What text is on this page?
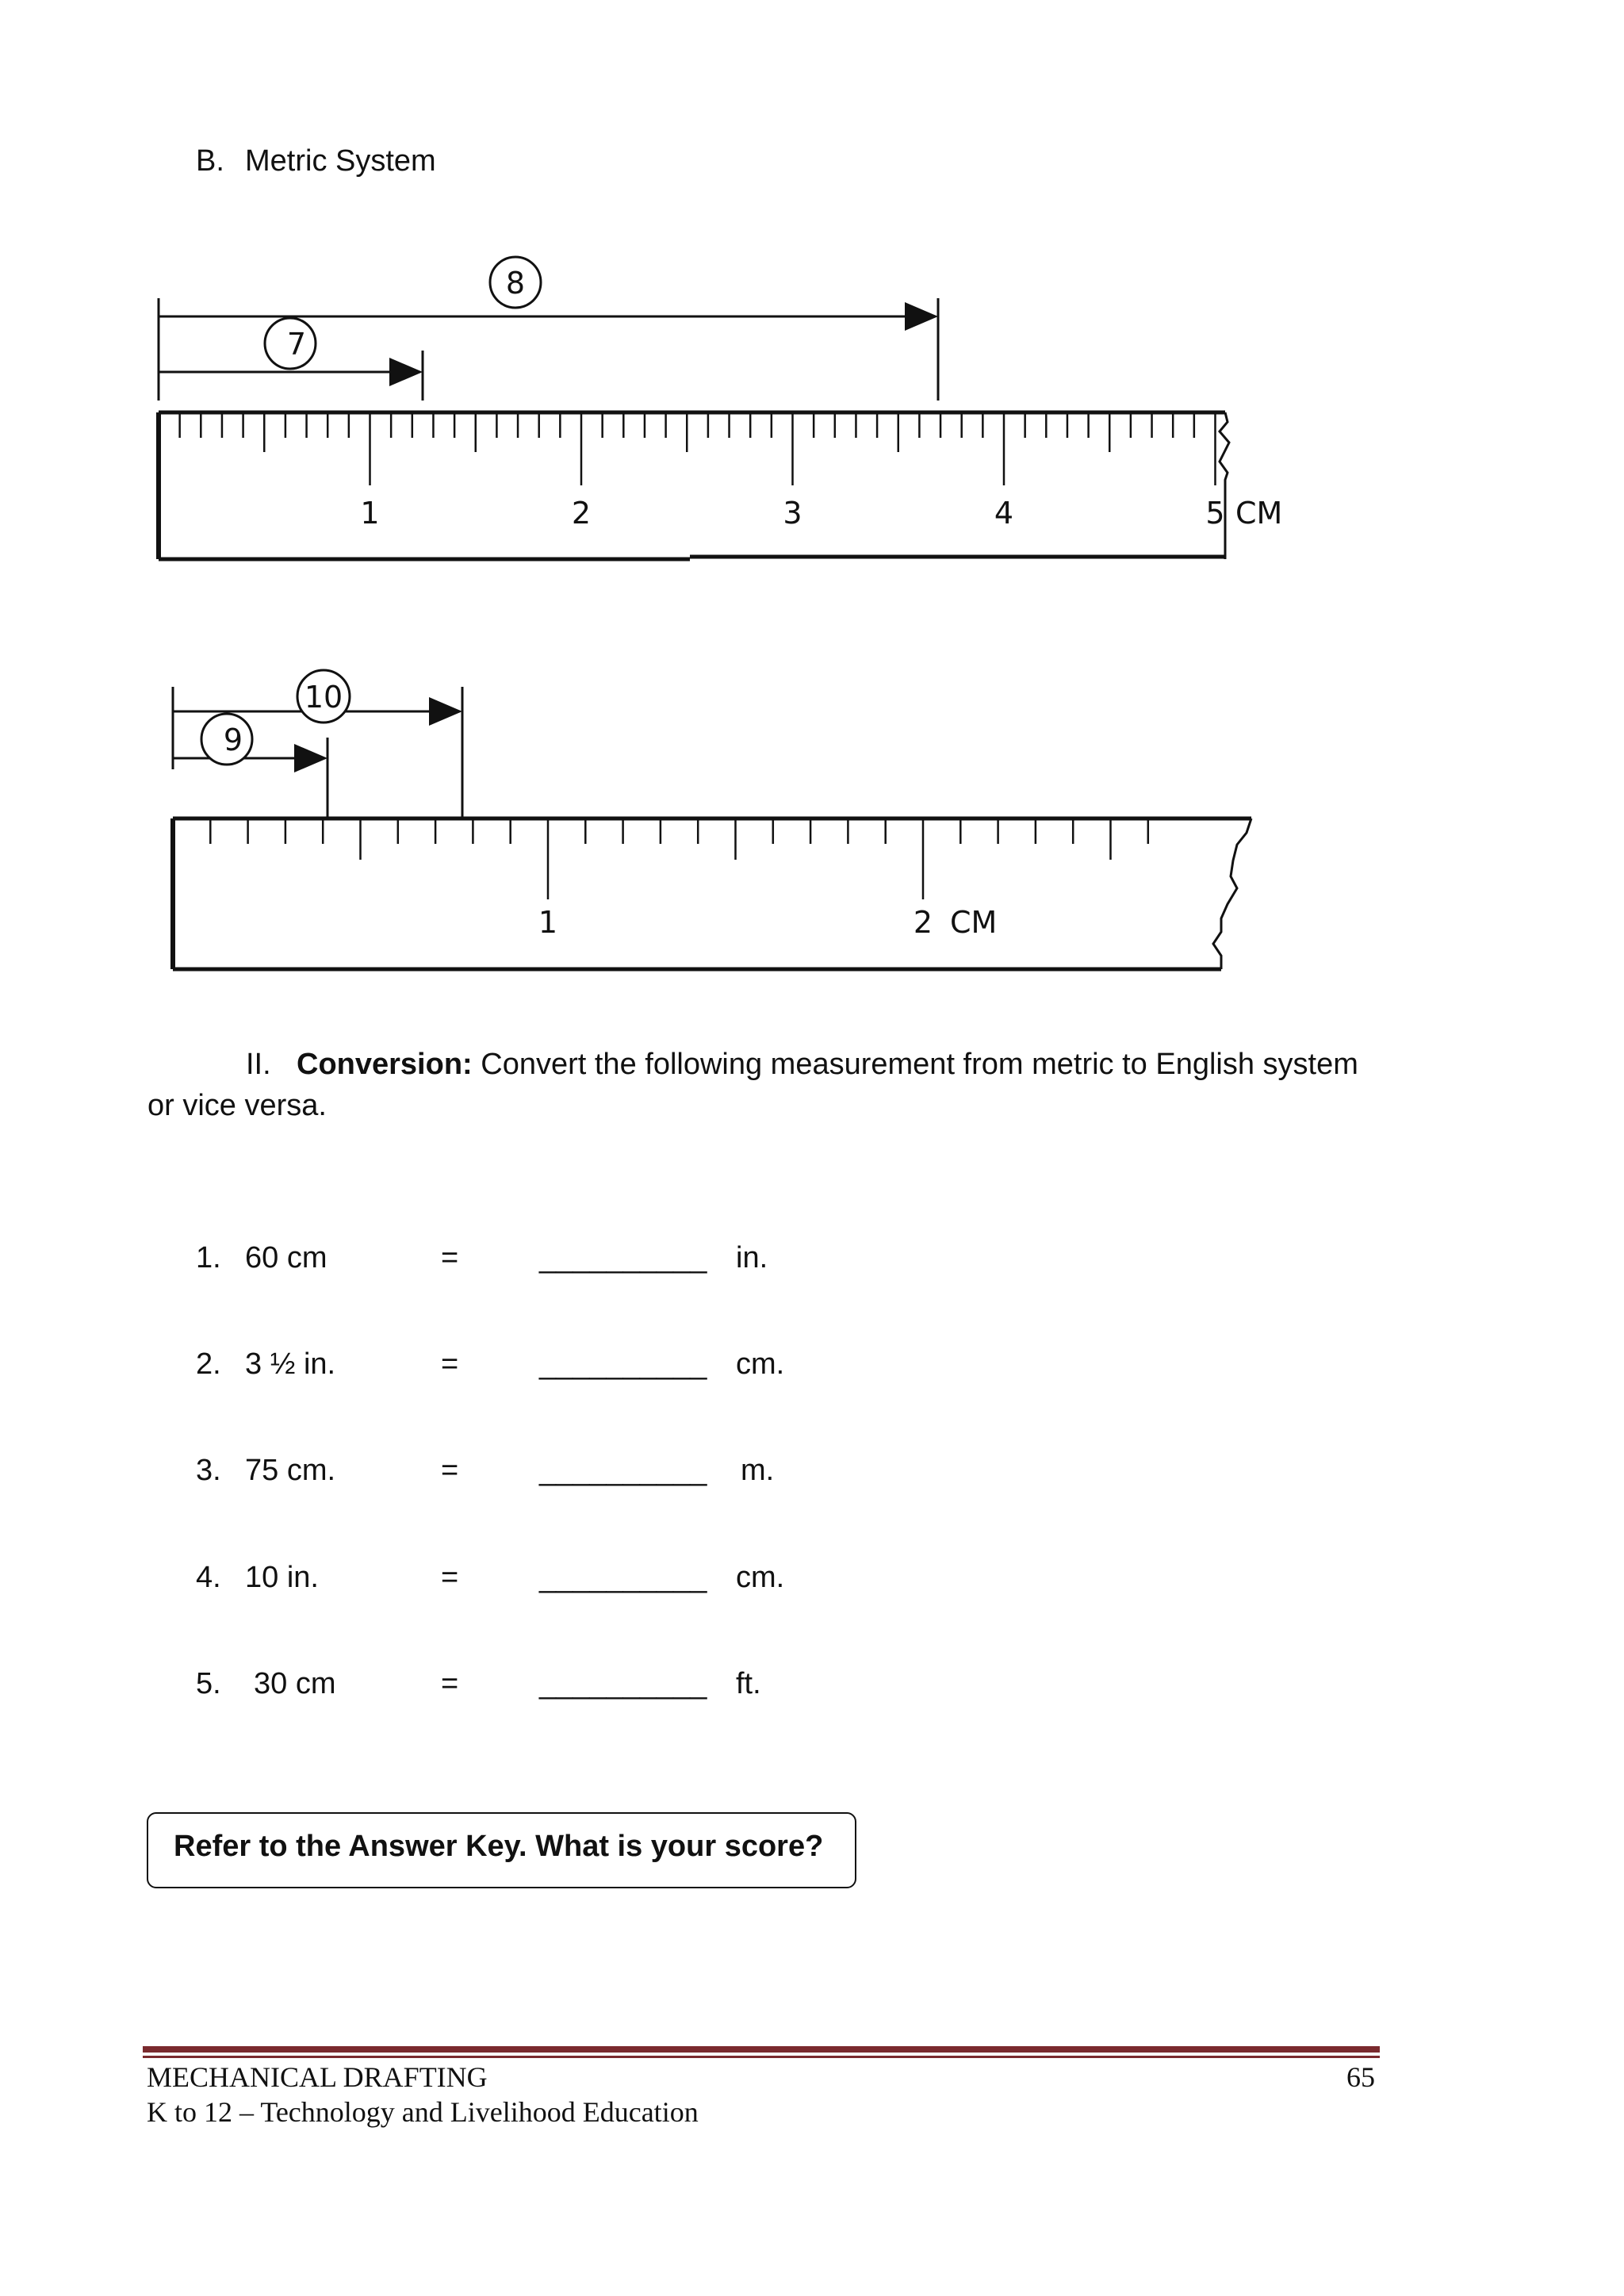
B. Metric System
8
7
1	2	3	4	5 CM
10
9
1	2 CM
II. Conversion: Convert the following measurement from metric to English system or vice versa.
1. 60 cm	=	__________ in.
2. 3 ½ in.	=	__________ cm.
3. 75 cm.	=	__________ m.
4. 10 in.	=	__________ cm.
5. 30 cm	=	__________ ft.
Refer to the Answer Key. What is your score?
MECHANICAL DRAFTING
K to 12 – Technology and Livelihood Education
65
